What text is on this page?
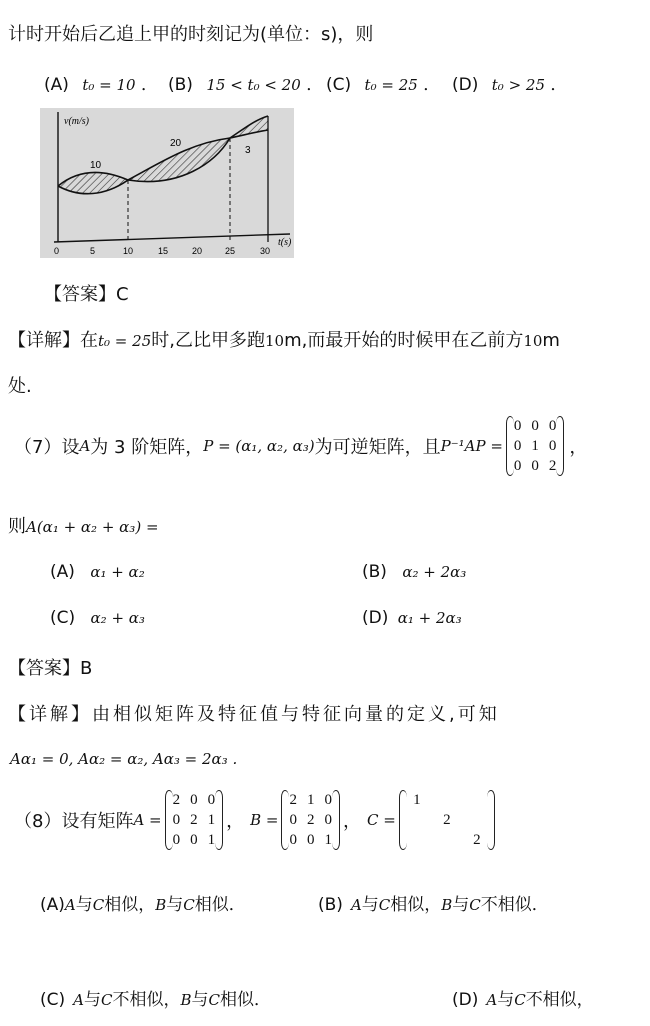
计时开始后乙追上甲的时刻记为(单位：s)，则
(A) t₀ = 10 ． (B) 15 < t₀ < 20 ． (C) t₀ = 25 ． (D) t₀ > 25 ．
v(m/s)
t(s)
10
20
3
0	5	10	15	20	25	30
【答案】C
【详解】在t₀ = 25时,乙比甲多跑10m,而最开始的时候甲在乙前方10m
处.
（7） 设 A 为 3 阶矩阵， P = (α₁, α₂, α₃) 为可逆矩阵，且 P⁻¹AP =
0	0	0
0	1	0
0	0	2
，
则A(α₁ + α₂ + α₃) =
(A) α₁ + α₂	(B) α₂ + 2α₃
(C) α₂ + α₃	(D) α₁ + 2α₃
【答案】B
【详解】由相似矩阵及特征值与特征向量的定义,可知
Aα₁ = 0, Aα₂ = α₂, Aα₃ = 2α₃ .
（8） 设有矩阵 A =
2	0	0
0	2	1
0	0	1
， B =
2	1	0
0	2	0
0	0	1
， C =
1		
	2	
		2
(A)A与C相似，B与C相似．	(B) A与C相似，B与C不相似．
(C) A与C不相似，B与C相似．	(D) A与C不相似，
